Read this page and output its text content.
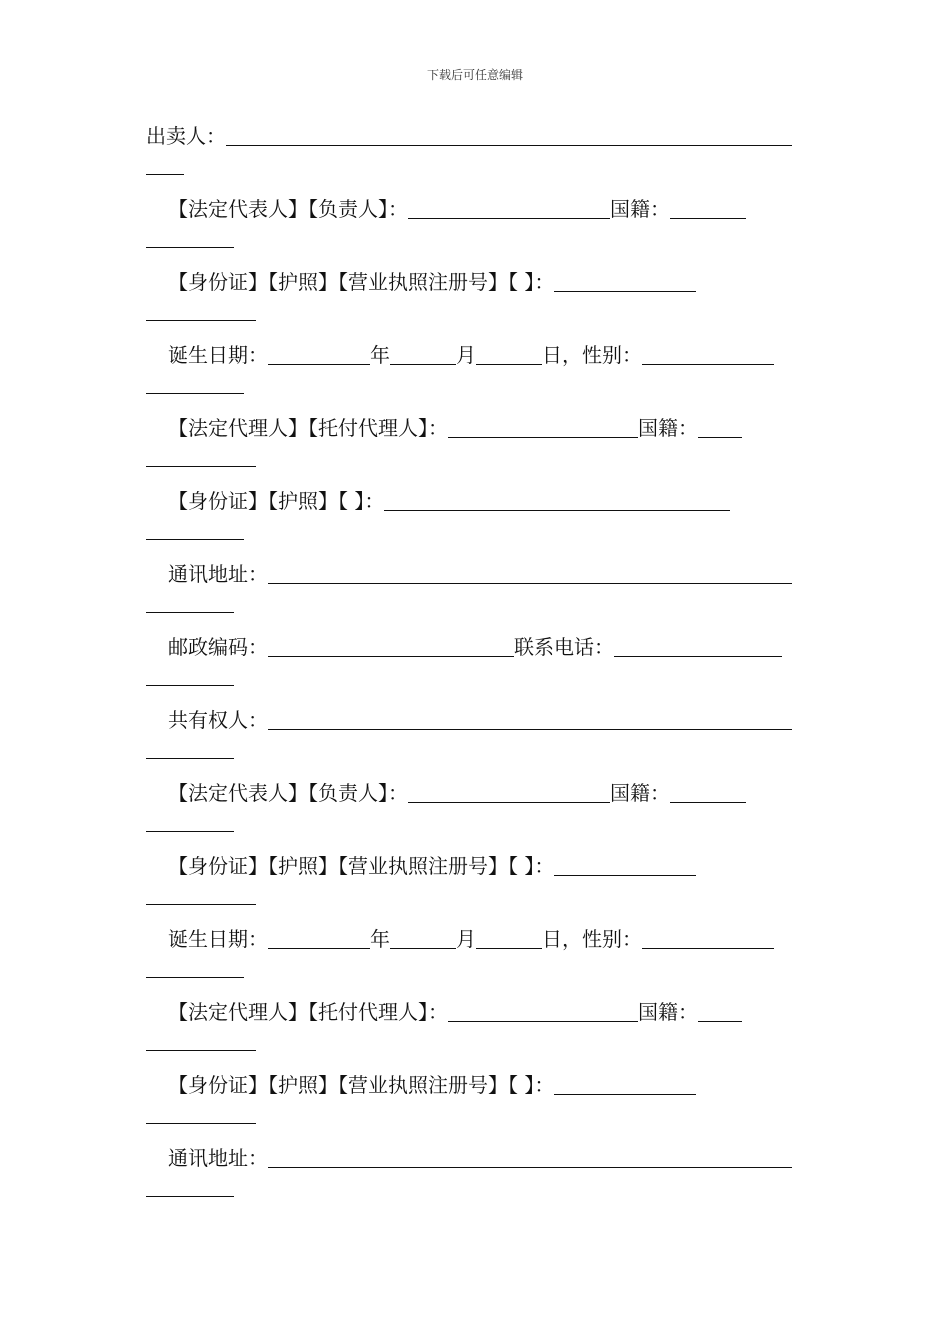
下载后可任意编辑
出卖人：
【法定代表人】【负责人】：	国籍：
【身份证】【护照】【营业执照注册号】【 】：
诞生日期：	年	月	日，性别：
【法定代理人】【托付代理人】：	国籍：
【身份证】【护照】【 】：
通讯地址：
邮政编码：	联系电话：
共有权人：
【法定代表人】【负责人】：	国籍：
【身份证】【护照】【营业执照注册号】【 】：
诞生日期：	年	月	日，性别：
【法定代理人】【托付代理人】：	国籍：
【身份证】【护照】【营业执照注册号】【 】：
通讯地址：
